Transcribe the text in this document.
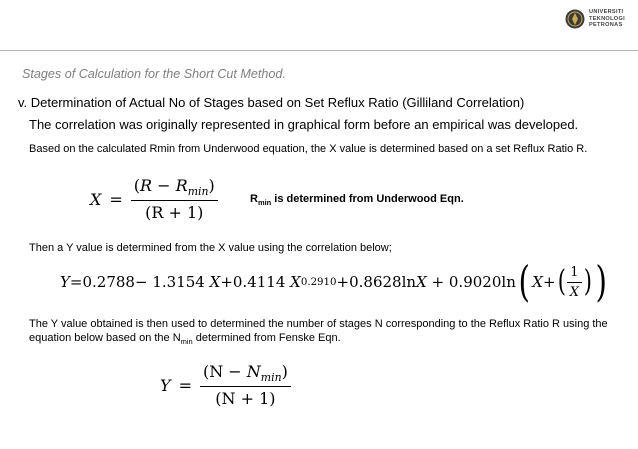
UNIVERSITI
TEKNOLOGI
PETRONAS
Stages of Calculation for the Short Cut Method.
v. Determination of Actual No of Stages based on Set Reflux Ratio (Gilliland Correlation)
The correlation was originally represented in graphical form before an empirical was developed.
Based on the calculated Rmin from Underwood equation, the X value is determined based on a set Reflux Ratio R.
$X = \frac{(R - R_{min})}{(R + 1)}$	$R_{min}$ is determined from Underwood Eqn.
Then a Y value is determined from the X value using the correlation below;
Y = 0.2788 −
1.3154
X + 0.4114
X 0.2910 + 0.8628 ln X
+
0.9020 ln ( X + ( $\frac{1}{X}$ ) )
The Y value obtained is then used to determined the number of stages N corresponding to the Reflux Ratio R using the equation below based on the $N_{min}$ determined from Fenske Eqn.
$Y = \frac{(N - N_{min})}{(N + 1)}$
